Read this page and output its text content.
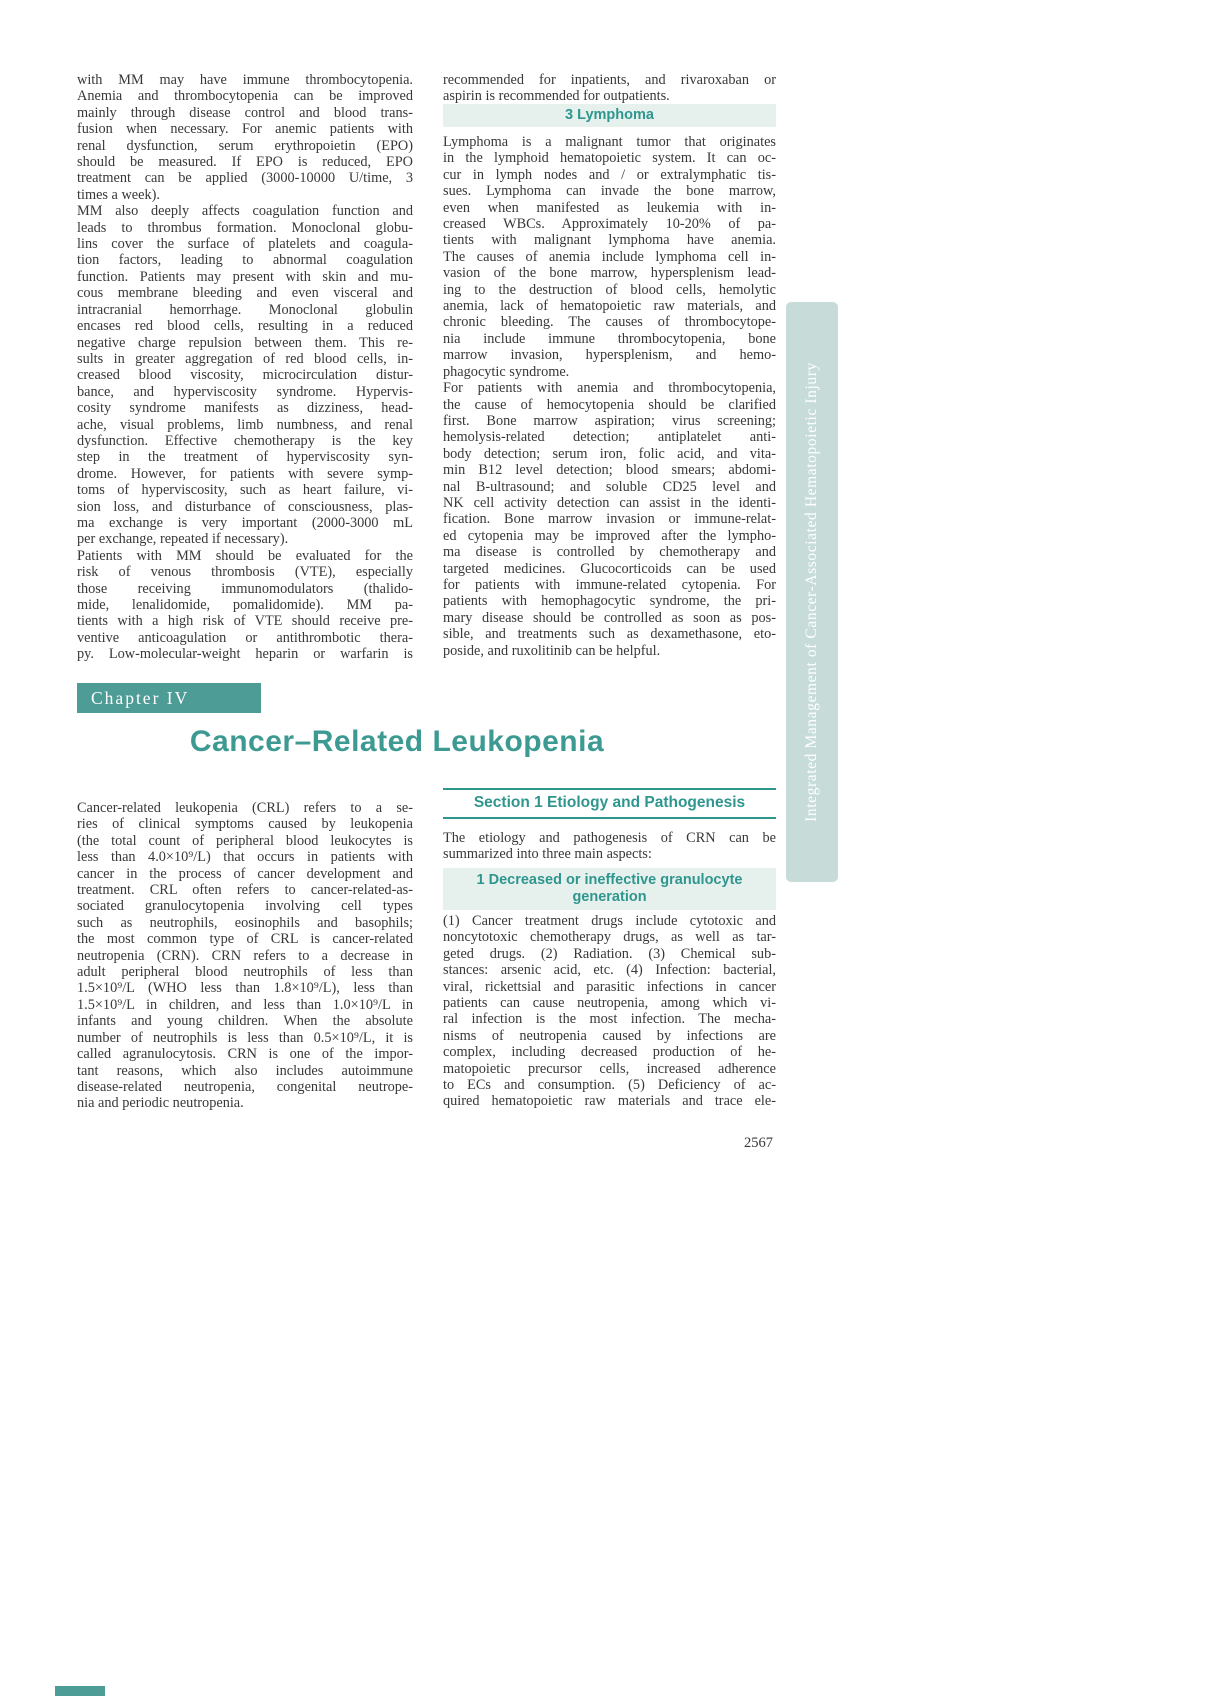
with MM may have immune thrombocytopenia.
Anemia and thrombocytopenia can be improved
mainly through disease control and blood trans-
fusion when necessary. For anemic patients with
renal dysfunction, serum erythropoietin (EPO)
should be measured. If EPO is reduced, EPO
treatment can be applied (3000-10000 U/time, 3
times a week).
MM also deeply affects coagulation function and
leads to thrombus formation. Monoclonal globu-
lins cover the surface of platelets and coagula-
tion factors, leading to abnormal coagulation
function. Patients may present with skin and mu-
cous membrane bleeding and even visceral and
intracranial hemorrhage. Monoclonal globulin
encases red blood cells, resulting in a reduced
negative charge repulsion between them. This re-
sults in greater aggregation of red blood cells, in-
creased blood viscosity, microcirculation distur-
bance, and hyperviscosity syndrome. Hypervis-
cosity syndrome manifests as dizziness, head-
ache, visual problems, limb numbness, and renal
dysfunction. Effective chemotherapy is the key
step in the treatment of hyperviscosity syn-
drome. However, for patients with severe symp-
toms of hyperviscosity, such as heart failure, vi-
sion loss, and disturbance of consciousness, plas-
ma exchange is very important (2000-3000 mL
per exchange, repeated if necessary).
Patients with MM should be evaluated for the
risk of venous thrombosis (VTE), especially
those receiving immunomodulators (thalido-
mide, lenalidomide, pomalidomide). MM pa-
tients with a high risk of VTE should receive pre-
ventive anticoagulation or antithrombotic thera-
py. Low-molecular-weight heparin or warfarin is
recommended for inpatients, and rivaroxaban or
aspirin is recommended for outpatients.
3 Lymphoma
Lymphoma is a malignant tumor that originates
in the lymphoid hematopoietic system. It can oc-
cur in lymph nodes and / or extralymphatic tis-
sues. Lymphoma can invade the bone marrow,
even when manifested as leukemia with in-
creased WBCs. Approximately 10-20% of pa-
tients with malignant lymphoma have anemia.
The causes of anemia include lymphoma cell in-
vasion of the bone marrow, hypersplenism lead-
ing to the destruction of blood cells, hemolytic
anemia, lack of hematopoietic raw materials, and
chronic bleeding. The causes of thrombocytope-
nia include immune thrombocytopenia, bone
marrow invasion, hypersplenism, and hemo-
phagocytic syndrome.
For patients with anemia and thrombocytopenia,
the cause of hemocytopenia should be clarified
first. Bone marrow aspiration; virus screening;
hemolysis-related detection; antiplatelet anti-
body detection; serum iron, folic acid, and vita-
min B12 level detection; blood smears; abdomi-
nal B-ultrasound; and soluble CD25 level and
NK cell activity detection can assist in the identi-
fication. Bone marrow invasion or immune-relat-
ed cytopenia may be improved after the lympho-
ma disease is controlled by chemotherapy and
targeted medicines. Glucocorticoids can be used
for patients with immune-related cytopenia. For
patients with hemophagocytic syndrome, the pri-
mary disease should be controlled as soon as pos-
sible, and treatments such as dexamethasone, eto-
poside, and ruxolitinib can be helpful.
Chapter IV
Cancer–Related Leukopenia
Cancer-related leukopenia (CRL) refers to a se-
ries of clinical symptoms caused by leukopenia
(the total count of peripheral blood leukocytes is
less than 4.0×10⁹/L) that occurs in patients with
cancer in the process of cancer development and
treatment. CRL often refers to cancer-related-as-
sociated granulocytopenia involving cell types
such as neutrophils, eosinophils and basophils;
the most common type of CRL is cancer-related
neutropenia (CRN). CRN refers to a decrease in
adult peripheral blood neutrophils of less than
1.5×10⁹/L (WHO less than 1.8×10⁹/L), less than
1.5×10⁹/L in children, and less than 1.0×10⁹/L in
infants and young children. When the absolute
number of neutrophils is less than 0.5×10⁹/L, it is
called agranulocytosis. CRN is one of the impor-
tant reasons, which also includes autoimmune
disease-related neutropenia, congenital neutrope-
nia and periodic neutropenia.
Section 1 Etiology and Pathogenesis
The etiology and pathogenesis of CRN can be
summarized into three main aspects:
1 Decreased or ineffective granulocyte
generation
(1) Cancer treatment drugs include cytotoxic and
noncytotoxic chemotherapy drugs, as well as tar-
geted drugs. (2) Radiation. (3) Chemical sub-
stances: arsenic acid, etc. (4) Infection: bacterial,
viral, rickettsial and parasitic infections in cancer
patients can cause neutropenia, among which vi-
ral infection is the most infection. The mecha-
nisms of neutropenia caused by infections are
complex, including decreased production of he-
matopoietic precursor cells, increased adherence
to ECs and consumption. (5) Deficiency of ac-
quired hematopoietic raw materials and trace ele-
2567
Integrated Management of Cancer-Associated Hematopoietic Injury
